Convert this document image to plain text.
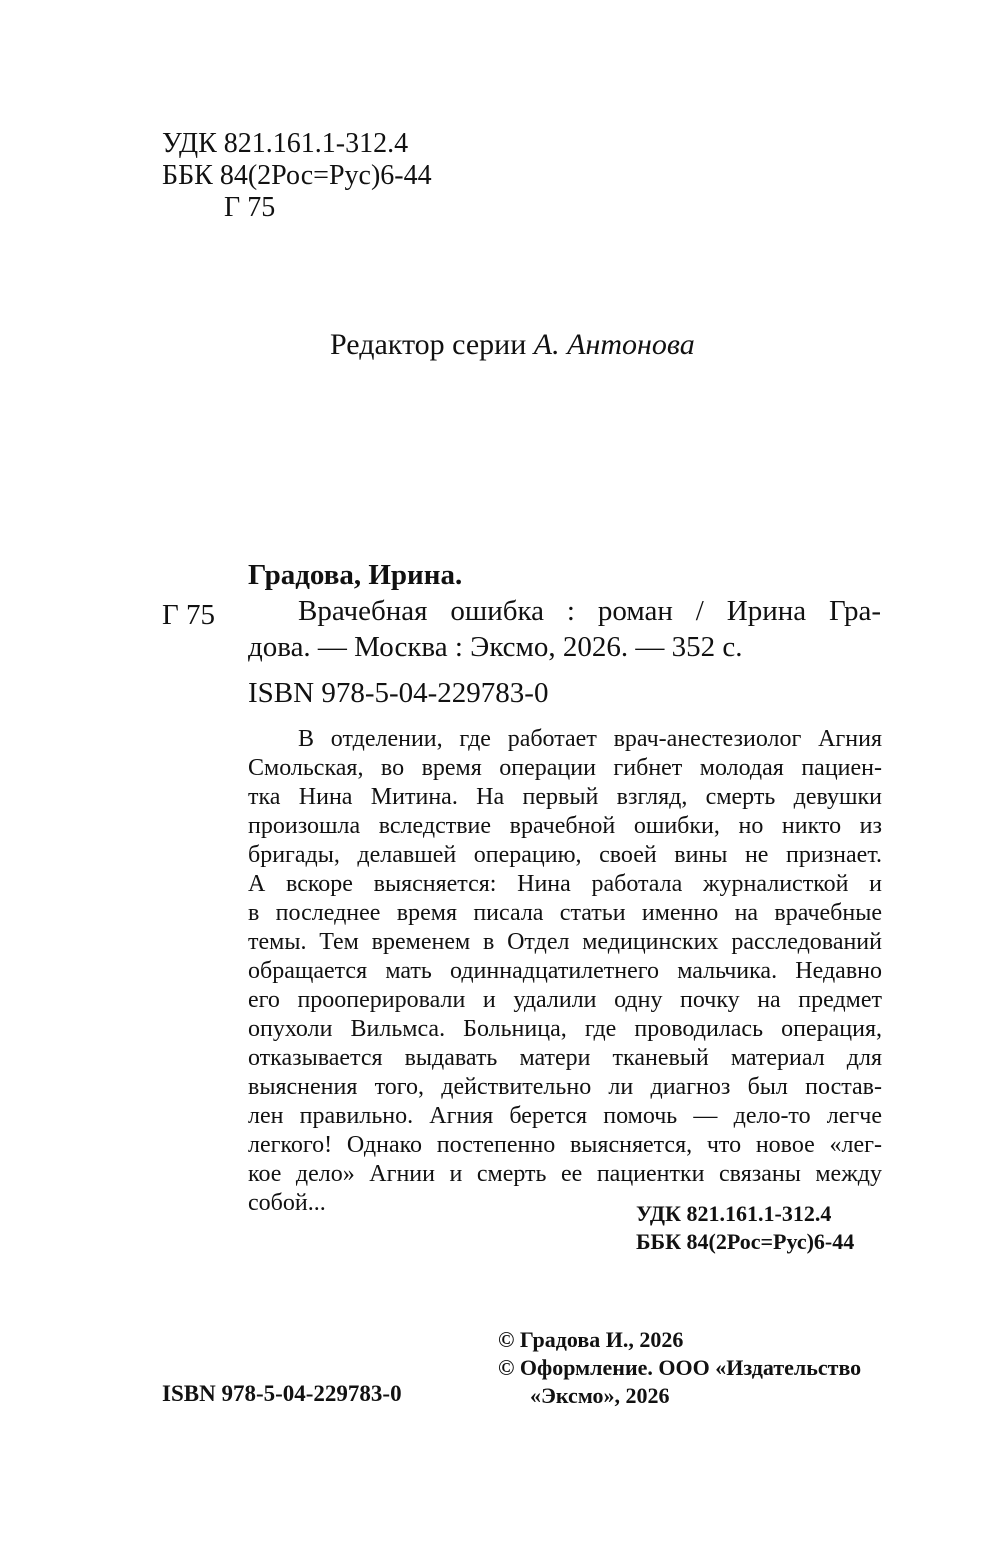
УДК 821.161.1-312.4
ББК 84(2Рос=Рус)6-44
Г 75
Редактор серии А. Антонова
Градова, Ирина.
Г 75	Врачебная ошибка : роман / Ирина Гра-
дова. — Москва : Эксмо, 2026. — 352 с.
ISBN 978-5-04-229783-0
В отделении, где работает врач-анестезиолог Агния
Смольская, во время операции гибнет молодая пациен-
тка Нина Митина. На первый взгляд, смерть девушки
произошла вследствие врачебной ошибки, но никто из
бригады, делавшей операцию, своей вины не признает.
А вскоре выясняется: Нина работала журналисткой и
в последнее время писала статьи именно на врачебные
темы. Тем временем в Отдел медицинских расследований
обращается мать одиннадцатилетнего мальчика. Недавно
его прооперировали и удалили одну почку на предмет
опухоли Вильмса. Больница, где проводилась операция,
отказывается выдавать матери тканевый материал для
выяснения того, действительно ли диагноз был постав-
лен правильно. Агния берется помочь — дело-то легче
легкого! Однако постепенно выясняется, что новое «лег-
кое дело» Агнии и смерть ее пациентки связаны между
собой...	УДК 821.161.1-312.4
ББК 84(2Рос=Рус)6-44
ISBN 978-5-04-229783-0
© Градова И., 2026
© Оформление. ООО «Издательство
«Эксмо», 2026
